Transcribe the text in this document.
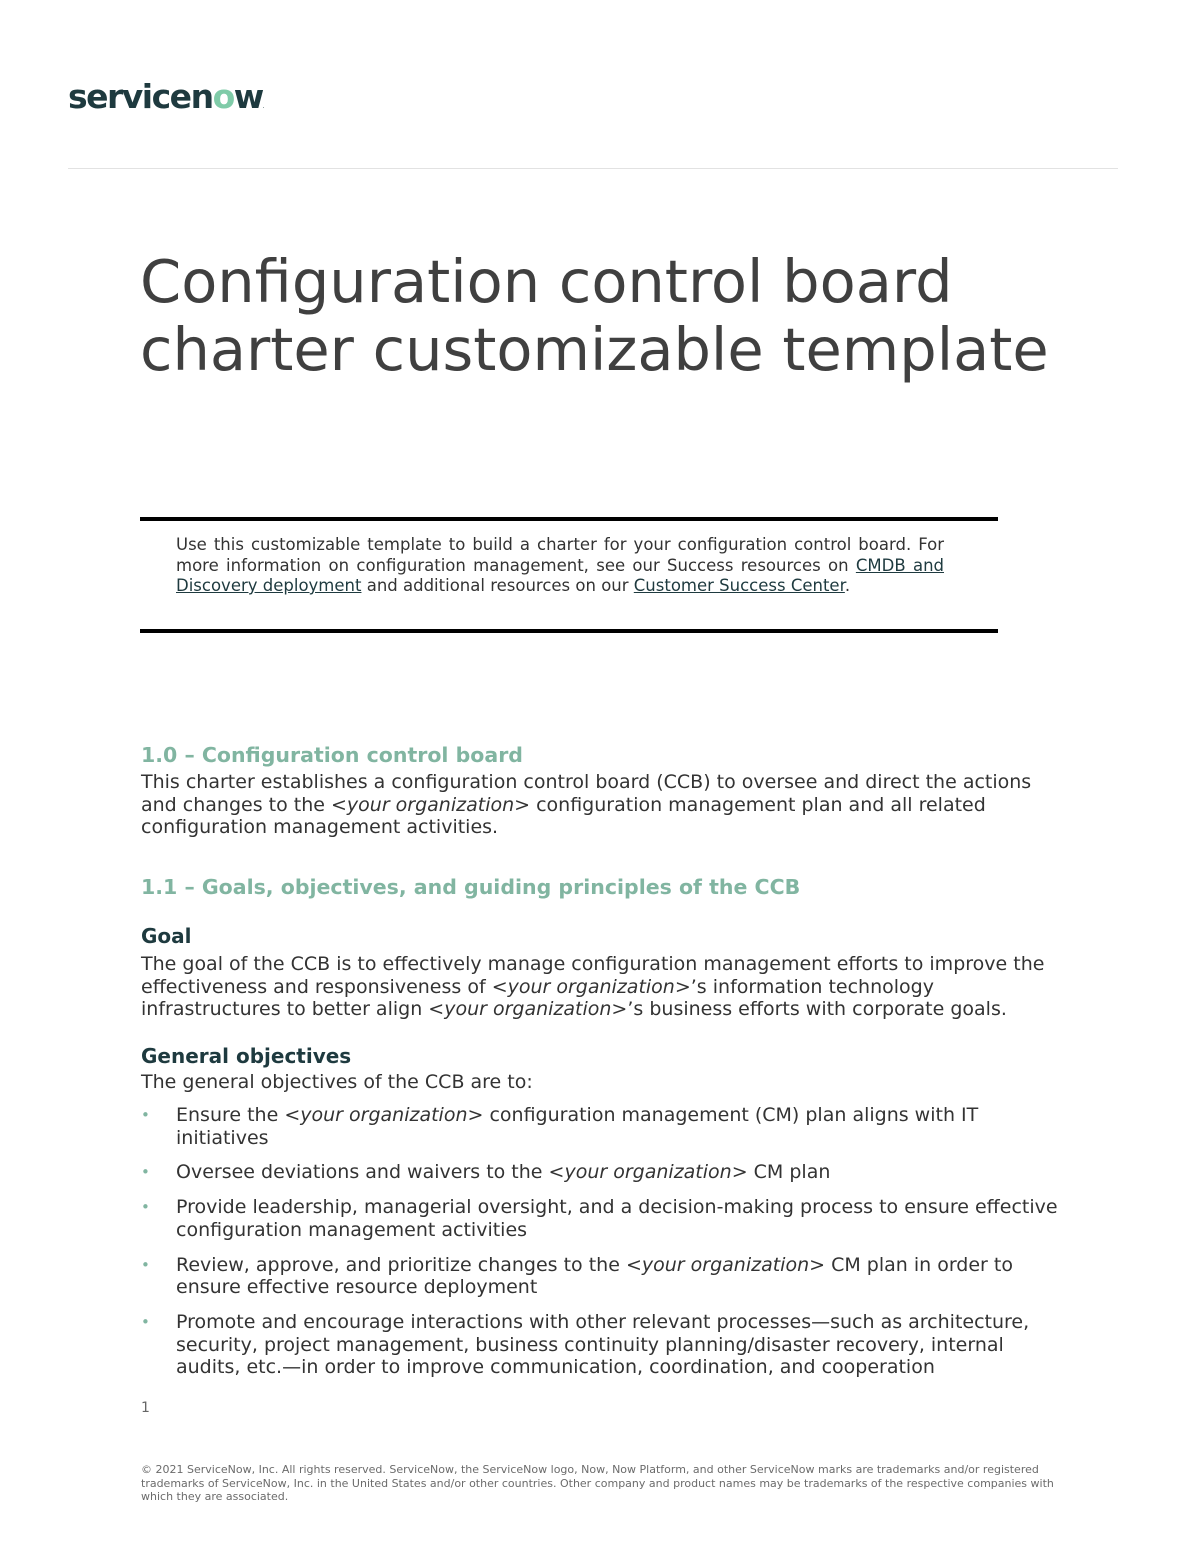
servicenow.
Configuration control board
charter customizable template

Use this customizable template to build a charter for your configuration control board. For more information on configuration management, see our Success resources on CMDB and Discovery deployment and additional resources on our Customer Success Center.

1.0 – Configuration control board

This charter establishes a configuration control board (CCB) to oversee and direct the actions and changes to the <your organization> configuration management plan and all related configuration management activities.

1.1 – Goals, objectives, and guiding principles of the CCB
Goal

The goal of the CCB is to effectively manage configuration management efforts to improve the effectiveness and responsiveness of <your organization>’s information technology infrastructures to better align <your organization>’s business efforts with corporate goals.

General objectives

The general objectives of the CCB are to:

• Ensure the <your organization> configuration management (CM) plan aligns with IT initiatives
• Oversee deviations and waivers to the <your organization> CM plan
• Provide leadership, managerial oversight, and a decision-making process to ensure effective configuration management activities
• Review, approve, and prioritize changes to the <your organization> CM plan in order to ensure effective resource deployment
• Promote and encourage interactions with other relevant processes—such as architecture, security, project management, business continuity planning/disaster recovery, internal audits, etc.—in order to improve communication, coordination, and cooperation
1

© 2021 ServiceNow, Inc. All rights reserved. ServiceNow, the ServiceNow logo, Now, Now Platform, and other ServiceNow marks are trademarks and/or registered trademarks of ServiceNow, Inc. in the United States and/or other countries. Other company and product names may be trademarks of the respective companies with which they are associated.
